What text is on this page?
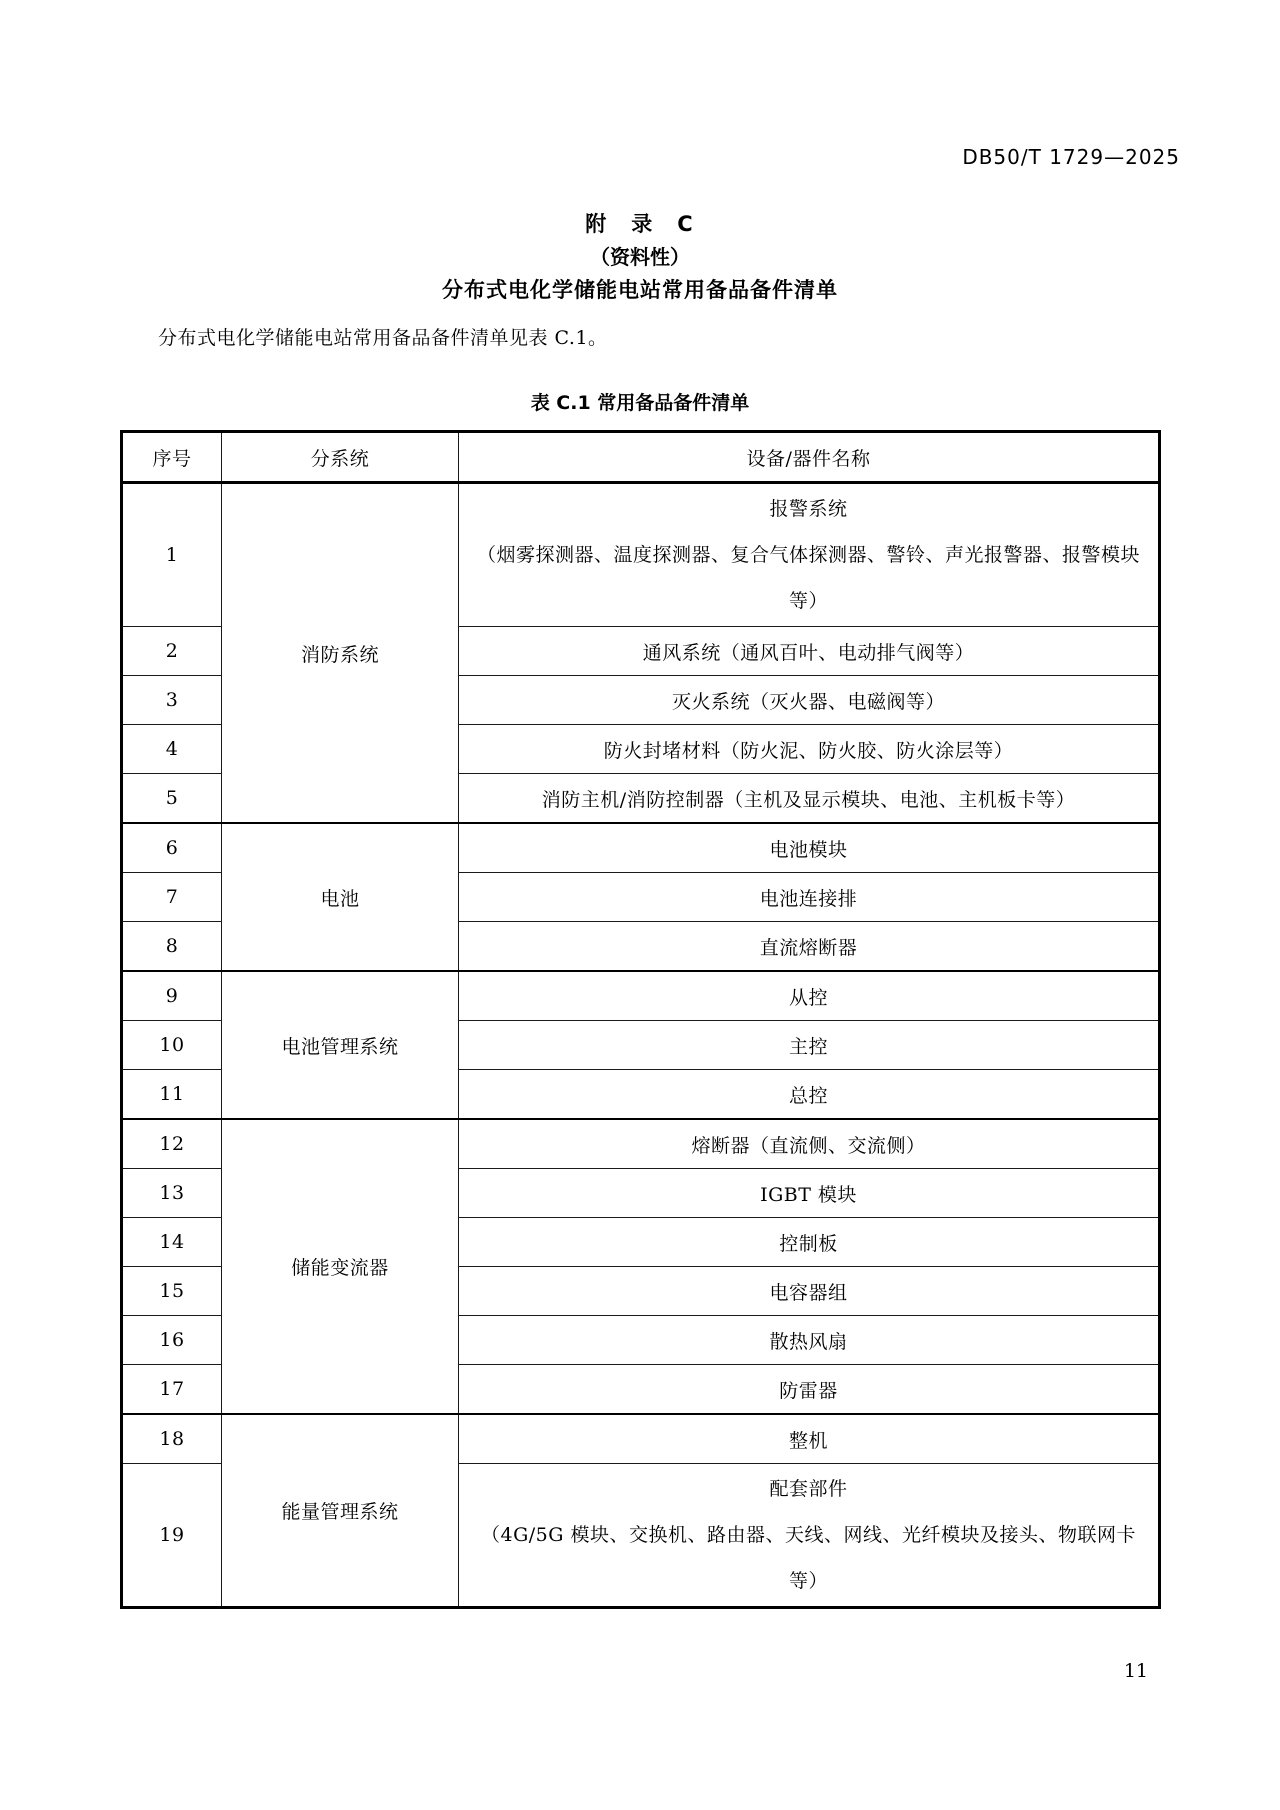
DB50/T 1729—2025

附　录　C

（资料性）

分布式电化学储能电站常用备品备件清单

分布式电化学储能电站常用备品备件清单见表 C.1。

表 C.1 常用备品备件清单

序号	分系统	设备/器件名称
1	消防系统	报警系统
（烟雾探测器、温度探测器、复合气体探测器、警铃、声光报警器、报警模块等）

2		通风系统（通风百叶、电动排气阀等）
3		灭火系统（灭火器、电磁阀等）
4		防火封堵材料（防火泥、防火胶、防火涂层等）
5		消防主机/消防控制器（主机及显示模块、电池、主机板卡等）
6	电池	电池模块
7		电池连接排
8		直流熔断器
9	电池管理系统	从控
10		主控
11		总控
12	储能变流器	熔断器（直流侧、交流侧）
13		IGBT 模块
14		控制板
15		电容器组
16		散热风扇
17		防雷器
18	能量管理系统	整机
19		配套部件
（4G/5G 模块、交换机、路由器、天线、网线、光纤模块及接头、物联网卡等）
11
